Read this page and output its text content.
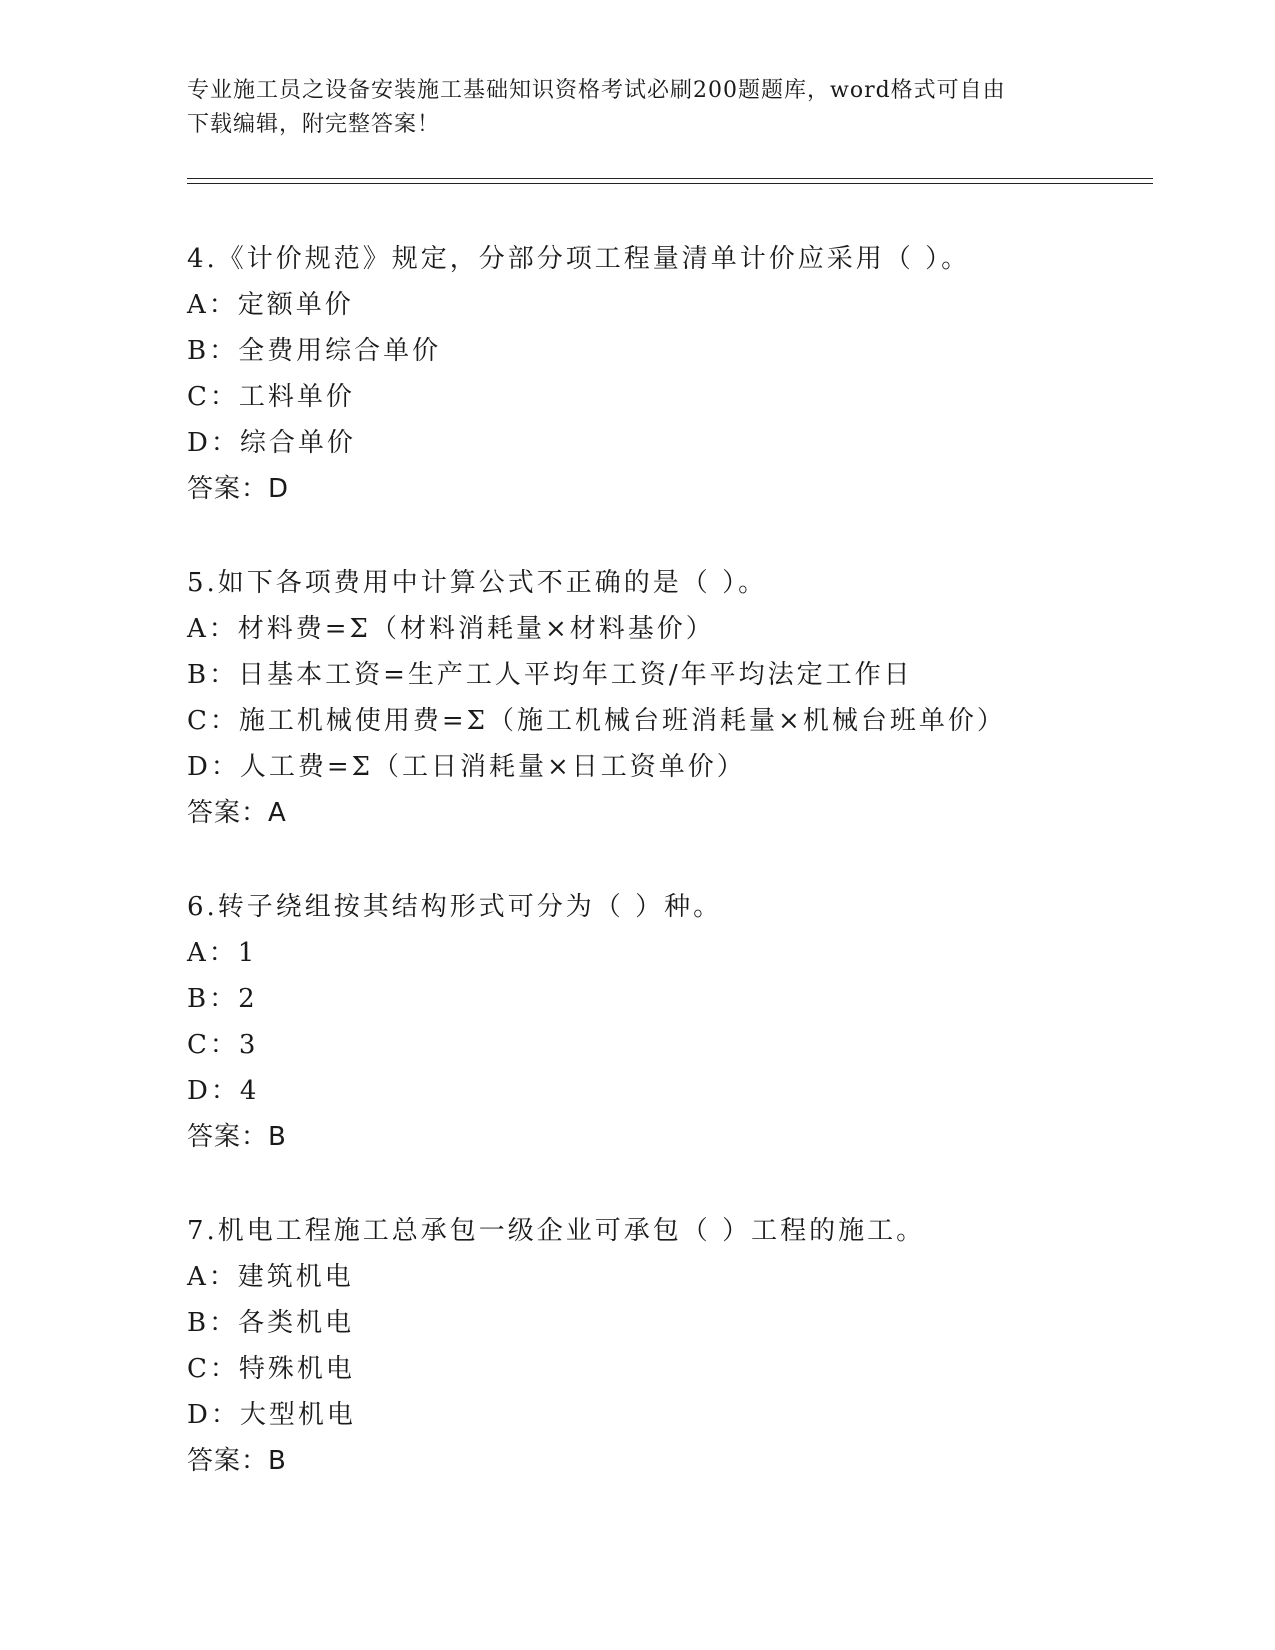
专业施工员之设备安装施工基础知识资格考试必刷200题题库，word格式可自由
下载编辑，附完整答案！
4.《计价规范》规定，分部分项工程量清单计价应采用（ ）。
A：定额单价
B：全费用综合单价
C：工料单价
D：综合单价
答案：D
5.如下各项费用中计算公式不正确的是（ ）。
A：材料费=Σ（材料消耗量×材料基价）
B：日基本工资=生产工人平均年工资/年平均法定工作日
C：施工机械使用费=Σ（施工机械台班消耗量×机械台班单价）
D：人工费=Σ（工日消耗量×日工资单价）
答案：A
6.转子绕组按其结构形式可分为（ ）种。
A：1
B：2
C：3
D：4
答案：B
7.机电工程施工总承包一级企业可承包（ ）工程的施工。
A：建筑机电
B：各类机电
C：特殊机电
D：大型机电
答案：B
